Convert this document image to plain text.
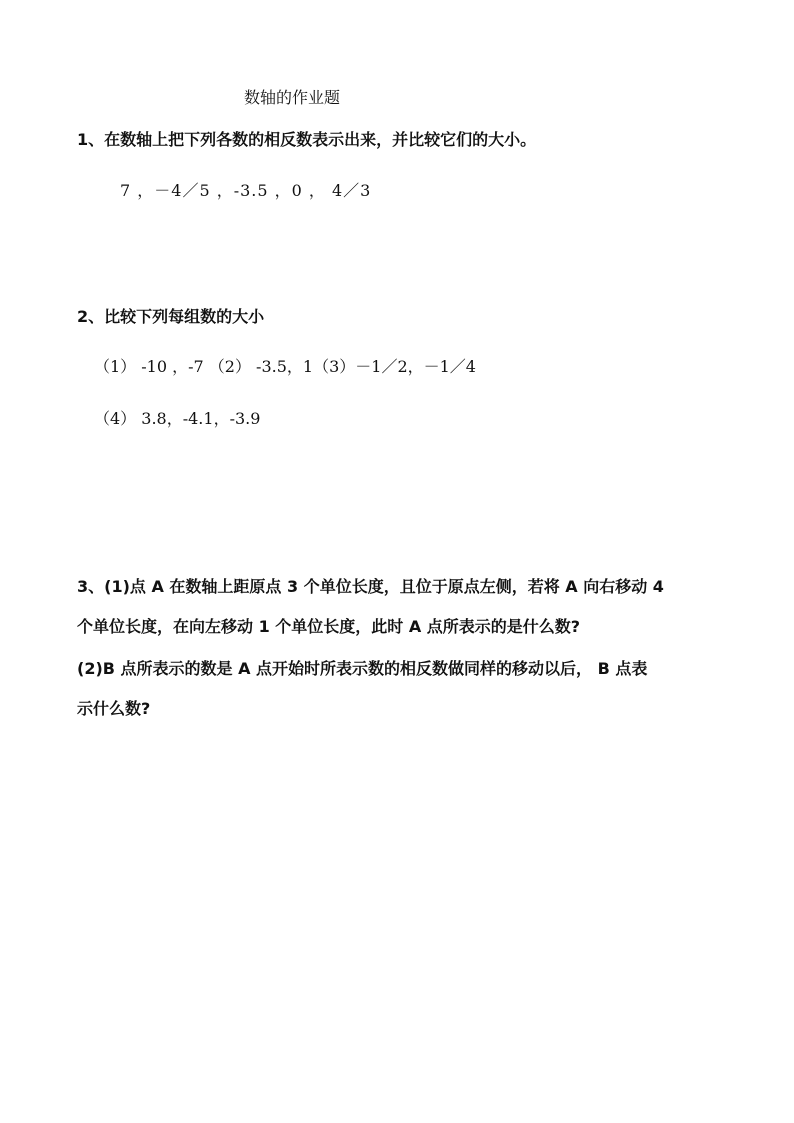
数轴的作业题
1、在数轴上把下列各数的相反数表示出来，并比较它们的大小。
7 ，－4／5 ，-3.5 ，0 ， 4／3
2、比较下列每组数的大小
（1） -10 ，-7 （2） -3.5，1（3）－1／2，－1／4
（4） 3.8，-4.1，-3.9
3、(1)点 A 在数轴上距原点 3 个单位长度，且位于原点左侧，若将 A 向右移动 4
个单位长度，在向左移动 1 个单位长度，此时 A 点所表示的是什么数?
(2)B 点所表示的数是 A 点开始时所表示数的相反数做同样的移动以后， B 点表
示什么数?
